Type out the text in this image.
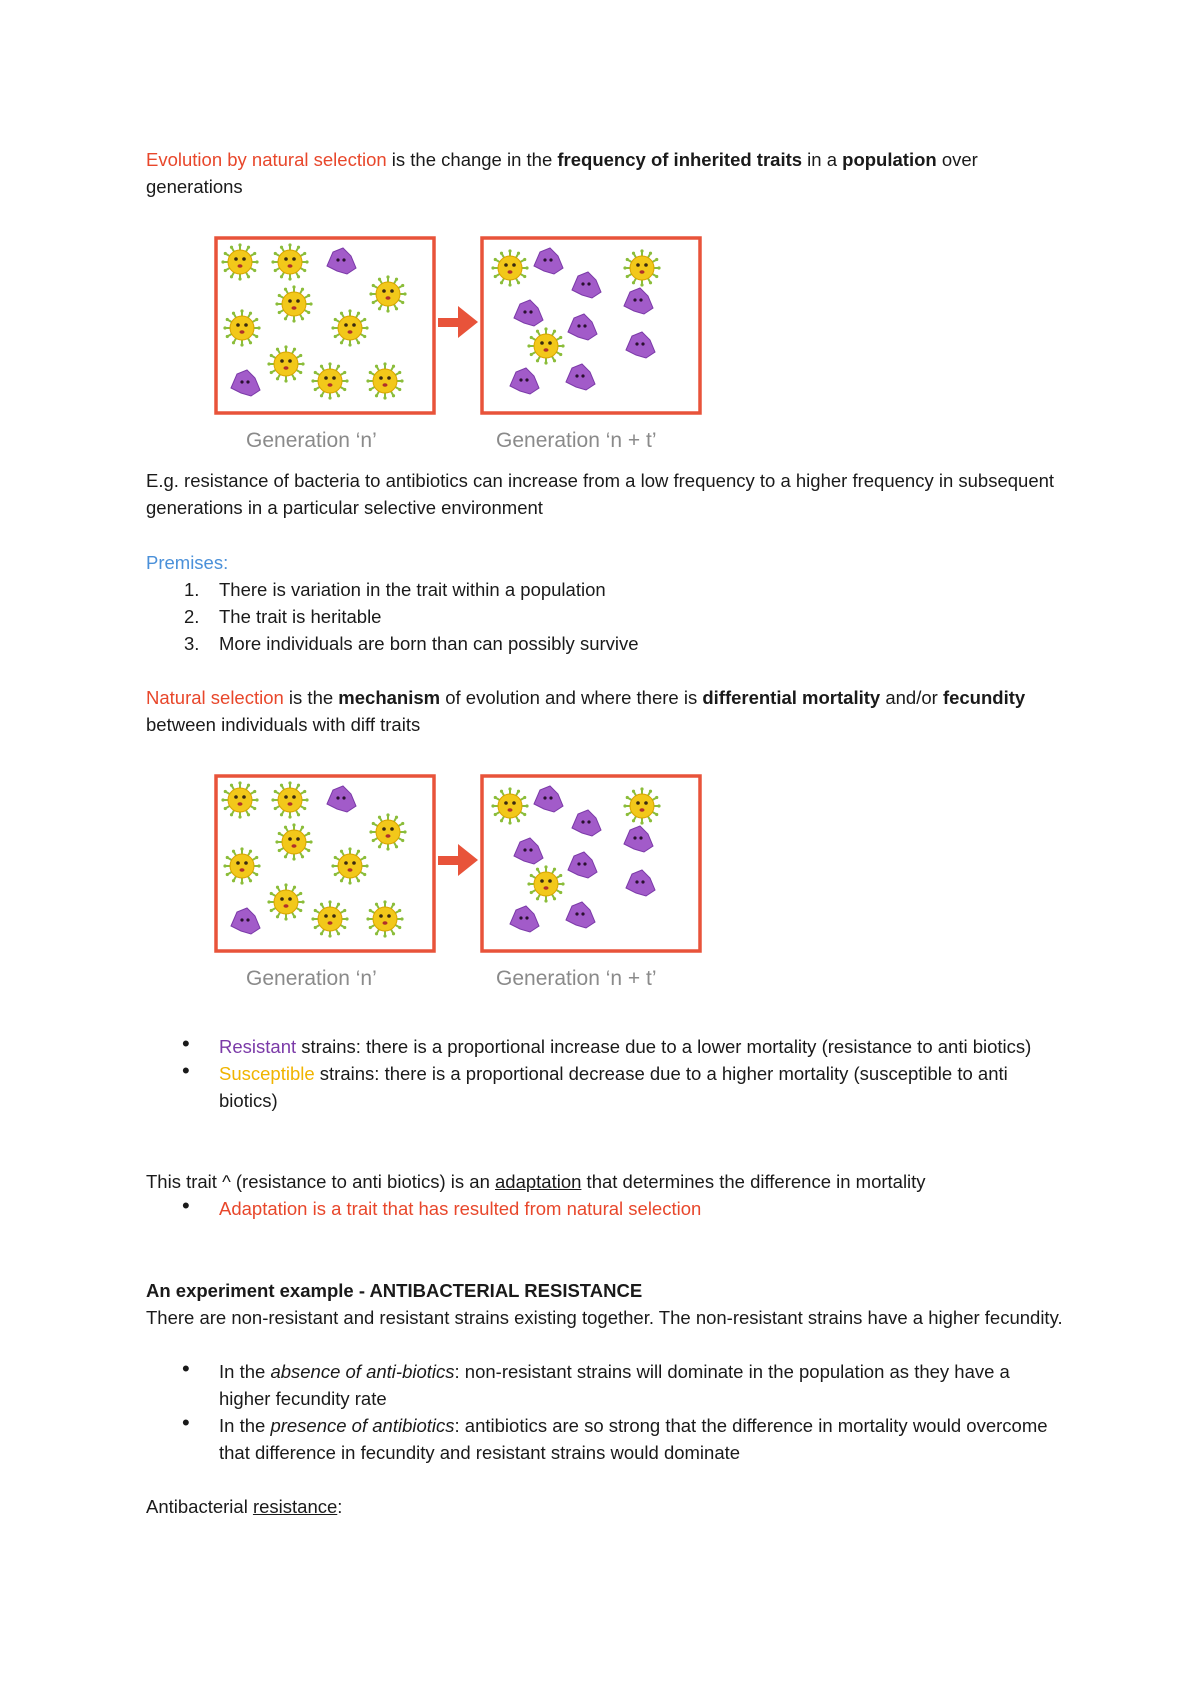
Evolution by natural selection is the change in the frequency of inherited traits in a population over generations

Generation ‘n’	Generation ‘n + t’

E.g. resistance of bacteria to antibiotics can increase from a low frequency to a higher frequency in subsequent generations in a particular selective environment

Premises:

1. There is variation in the trait within a population
2. The trait is heritable
3. More individuals are born than can possibly survive

Natural selection is the mechanism of evolution and where there is differential mortality and/or fecundity between individuals with diff traits

Generation ‘n’	Generation ‘n + t’
• Resistant strains: there is a proportional increase due to a lower mortality (resistance to anti biotics)
• Susceptible strains: there is a proportional decrease due to a higher mortality (susceptible to anti biotics)

This trait ^ (resistance to anti biotics) is an adaptation that determines the difference in mortality

• Adaptation is a trait that has resulted from natural selection

An experiment example - ANTIBACTERIAL RESISTANCE

There are non-resistant and resistant strains existing together. The non-resistant strains have a higher fecundity.

• In the absence of anti-biotics: non-resistant strains will dominate in the population as they have a higher fecundity rate
• In the presence of antibiotics: antibiotics are so strong that the difference in mortality would overcome that difference in fecundity and resistant strains would dominate

Antibacterial resistance:
